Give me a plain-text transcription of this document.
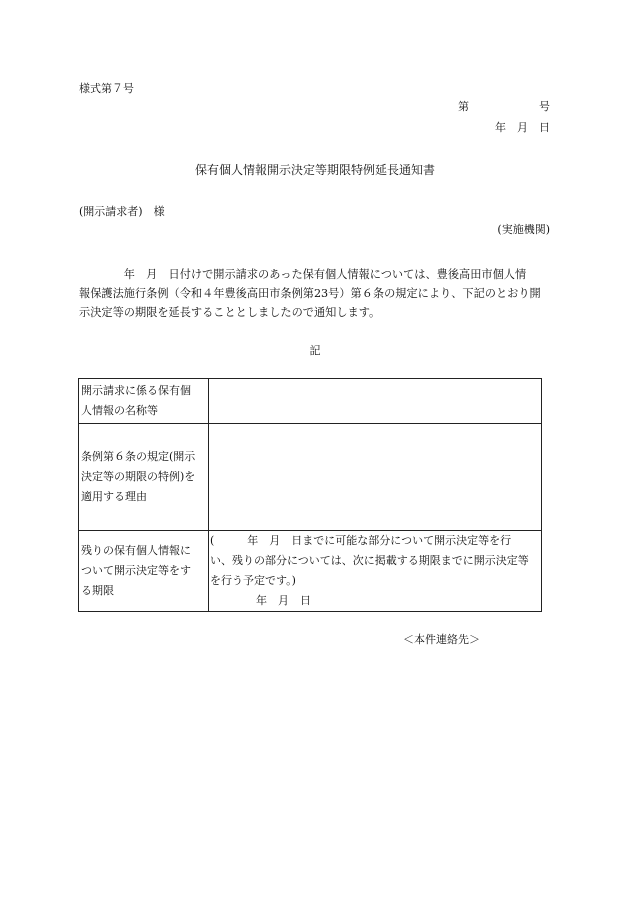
様式第７号
第	号
年　月　日
保有個人情報開示決定等期限特例延長通知書
(開示請求者)　様
(実施機関)
　　　　年　月　日付けで開示請求のあった保有個人情報については、豊後高田市個人情
報保護法施行条例（令和４年豊後高田市条例第23号）第６条の規定により、下記のとおり開
示決定等の期限を延長することとしましたので通知します。
記
開示請求に係る保有個
人情報の名称等	

条例第６条の規定(開示
決定等の期限の特例)を
適用する理由	

残りの保有個人情報に
ついて開示決定等をす
る期限	(　　　年　月　日までに可能な部分について開示決定等を行
い、残りの部分については、次に掲載する期限までに開示決定等
を行う予定です。)
年　月　日
＜本件連絡先＞
